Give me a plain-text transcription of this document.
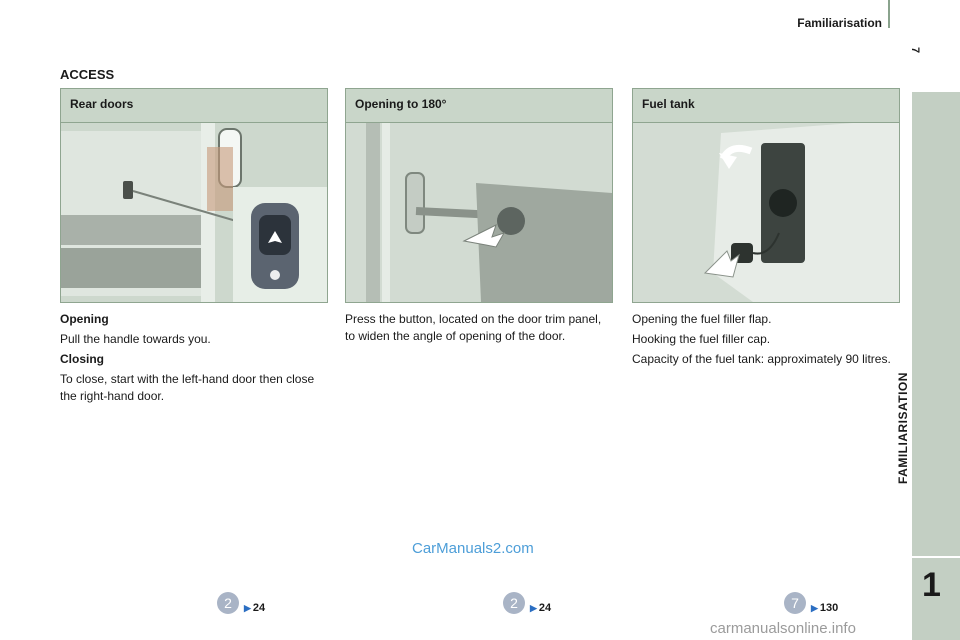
Familiarisation
7
ACCESS
Rear doors	Opening to 180°	Fuel tank

Opening

Pull the handle towards you.

Closing

To close, start with the left-hand door then close the right-hand door.

Press the button, located on the door trim panel, to widen the angle of opening of the door.

Opening the fuel filler flap.

Hooking the fuel filler cap.

Capacity of the fuel tank: approximately 90 litres.

FAMILIARISATION
1
2	▶ 24	2	▶ 24	7	▶ 130
CarManuals2.com
carmanualsonline.info
